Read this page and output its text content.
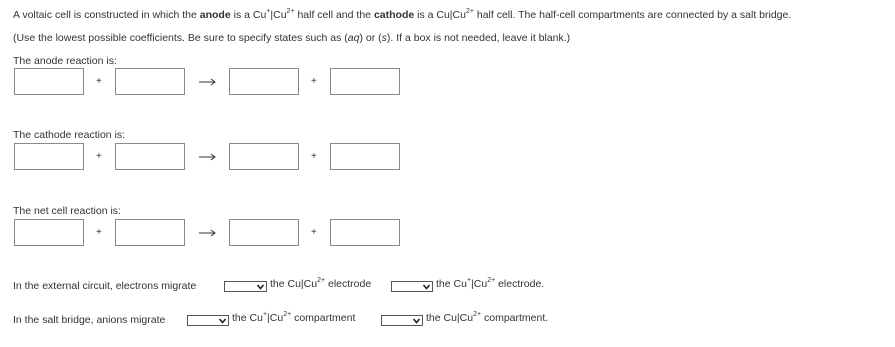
A voltaic cell is constructed in which the anode is a $Cu^+|Cu^{2+}$ half cell and the cathode is a $Cu|Cu^{2+}$ half cell. The half-cell compartments are connected by a salt bridge.
(Use the lowest possible coefficients. Be sure to specify states such as (aq) or (s). If a box is not needed, leave it blank.)
The anode reaction is:
+	+
The cathode reaction is:
+	+
The net cell reaction is:
+	+
In the external circuit, electrons migrate	the $Cu|Cu^{2+}$ electrode	the $Cu^+|Cu^{2+}$ electrode.
In the salt bridge, anions migrate	the $Cu^+|Cu^{2+}$ compartment	the $Cu|Cu^{2+}$ compartment.
